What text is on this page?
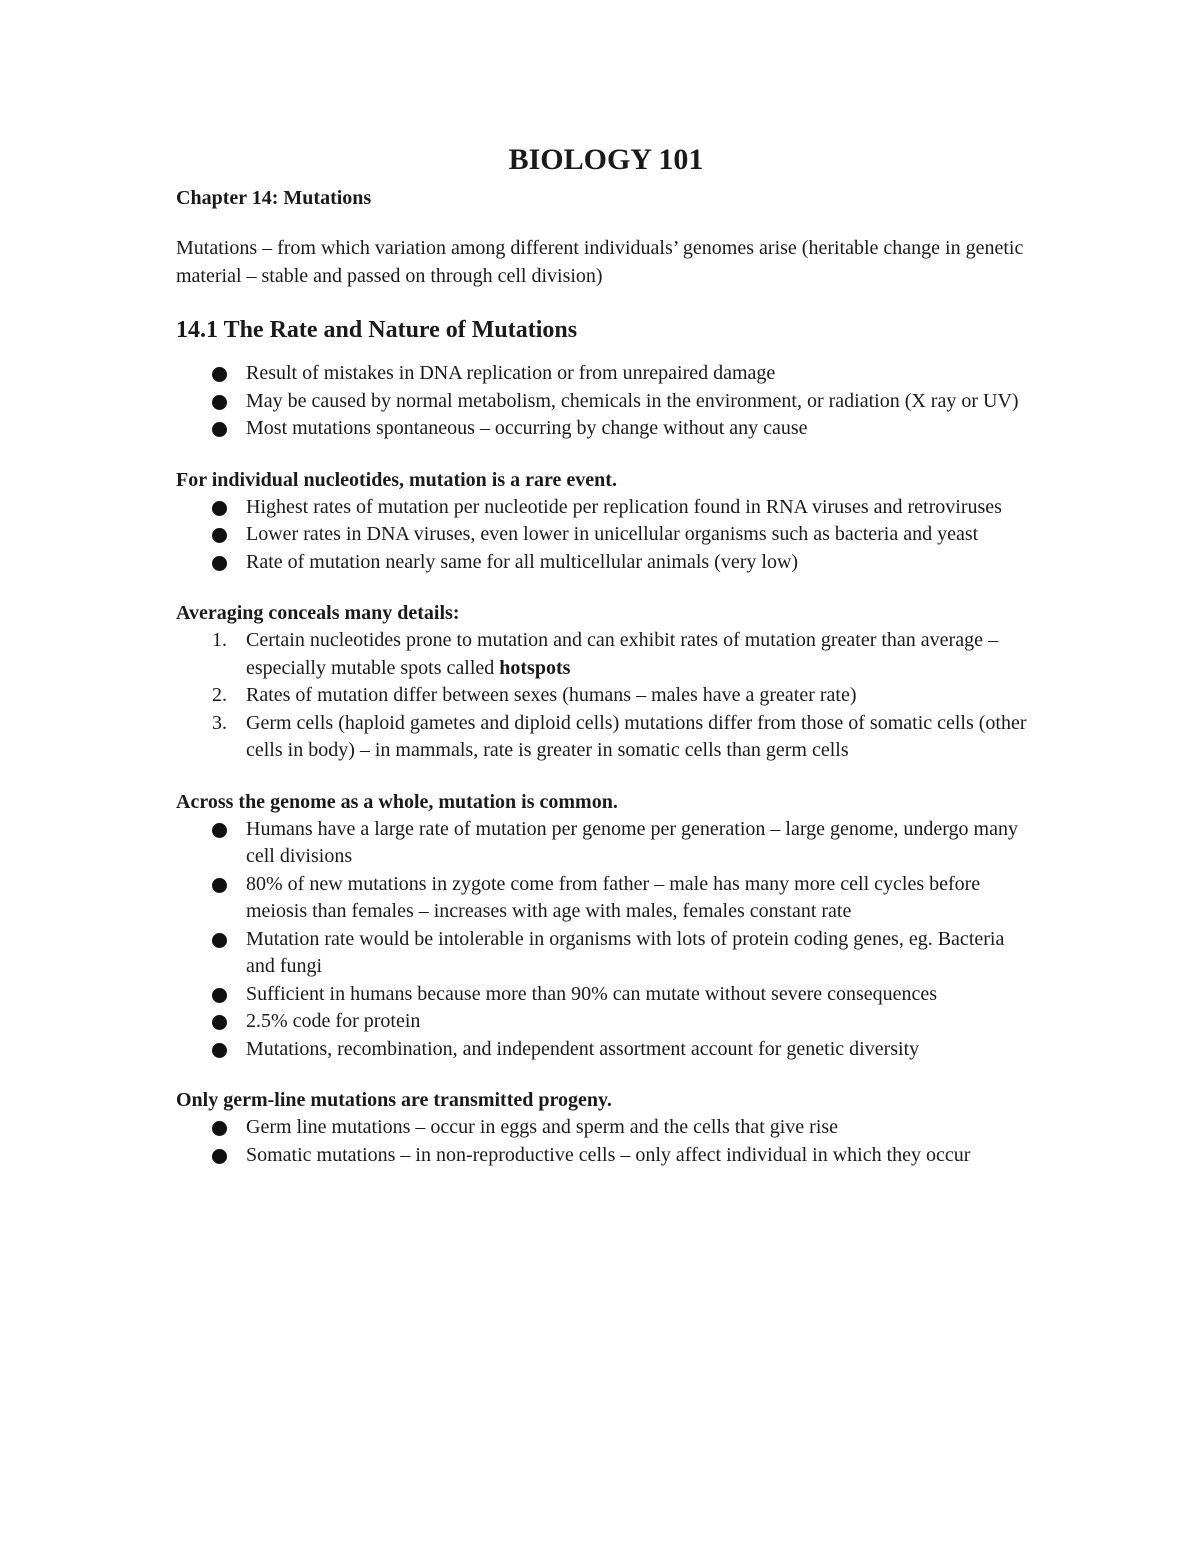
BIOLOGY 101

Chapter 14: Mutations

Mutations – from which variation among different individuals’ genomes arise (heritable change in genetic material – stable and passed on through cell division)

14.1 The Rate and Nature of Mutations
Result of mistakes in DNA replication or from unrepaired damage
May be caused by normal metabolism, chemicals in the environment, or radiation (X ray or UV)
Most mutations spontaneous – occurring by change without any cause

For individual nucleotides, mutation is a rare event.

Highest rates of mutation per nucleotide per replication found in RNA viruses and retroviruses
Lower rates in DNA viruses, even lower in unicellular organisms such as bacteria and yeast
Rate of mutation nearly same for all multicellular animals (very low)

Averaging conceals many details:

1. Certain nucleotides prone to mutation and can exhibit rates of mutation greater than average – especially mutable spots called hotspots
2. Rates of mutation differ between sexes (humans – males have a greater rate)
3. Germ cells (haploid gametes and diploid cells) mutations differ from those of somatic cells (other cells in body) – in mammals, rate is greater in somatic cells than germ cells

Across the genome as a whole, mutation is common.

Humans have a large rate of mutation per genome per generation – large genome, undergo many cell divisions
80% of new mutations in zygote come from father – male has many more cell cycles before meiosis than females – increases with age with males, females constant rate
Mutation rate would be intolerable in organisms with lots of protein coding genes, eg. Bacteria and fungi
Sufficient in humans because more than 90% can mutate without severe consequences
2.5% code for protein
Mutations, recombination, and independent assortment account for genetic diversity

Only germ-line mutations are transmitted progeny.

Germ line mutations – occur in eggs and sperm and the cells that give rise
Somatic mutations – in non-reproductive cells – only affect individual in which they occur
